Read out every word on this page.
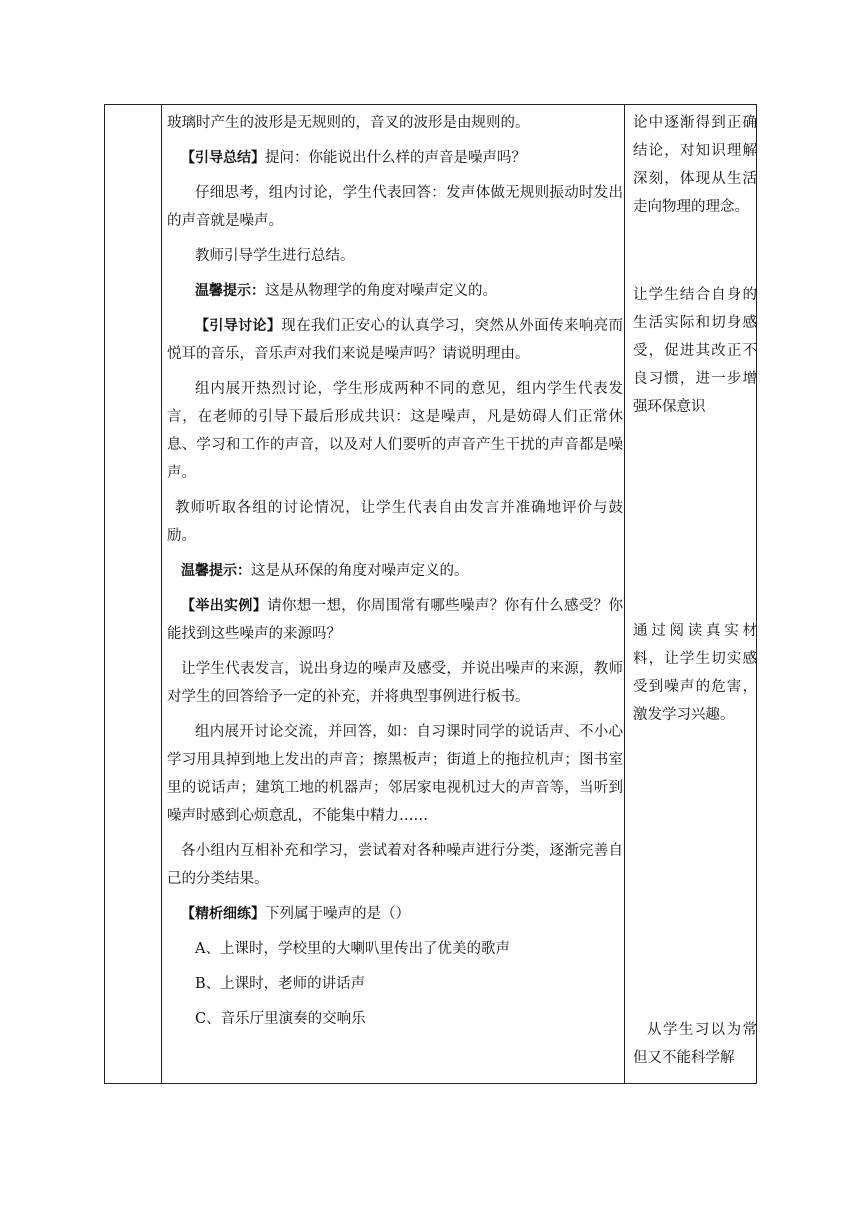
玻璃时产生的波形是无规则的，音叉的波形是由规则的。

【引导总结】提问：你能说出什么样的声音是噪声吗？

仔细思考，组内讨论，学生代表回答：发声体做无规则振动时发出的声音就是噪声。

教师引导学生进行总结。

温馨提示：这是从物理学的角度对噪声定义的。

【引导讨论】现在我们正安心的认真学习，突然从外面传来响亮而悦耳的音乐，音乐声对我们来说是噪声吗？请说明理由。

组内展开热烈讨论，学生形成两种不同的意见，组内学生代表发言，在老师的引导下最后形成共识：这是噪声，凡是妨碍人们正常休息、学习和工作的声音，以及对人们要听的声音产生干扰的声音都是噪声。

教师听取各组的讨论情况，让学生代表自由发言并准确地评价与鼓励。

温馨提示：这是从环保的角度对噪声定义的。

【举出实例】请你想一想，你周围常有哪些噪声？你有什么感受？你能找到这些噪声的来源吗？

让学生代表发言，说出身边的噪声及感受，并说出噪声的来源，教师对学生的回答给予一定的补充，并将典型事例进行板书。

组内展开讨论交流，并回答，如：自习课时同学的说话声、不小心学习用具掉到地上发出的声音；擦黑板声；街道上的拖拉机声；图书室里的说话声；建筑工地的机器声；邻居家电视机过大的声音等，当听到噪声时感到心烦意乱，不能集中精力……

各小组内互相补充和学习，尝试着对各种噪声进行分类，逐渐完善自己的分类结果。

【精析细练】下列属于噪声的是（）

A、上课时，学校里的大喇叭里传出了优美的歌声

B、上课时，老师的讲话声

C、音乐厅里演奏的交响乐

论中逐渐得到正确结论，对知识理解深刻，体现从生活走向物理的理念。
让学生结合自身的生活实际和切身感受，促进其改正不良习惯，进一步增强环保意识
通过阅读真实材料，让学生切实感受到噪声的危害，激发学习兴趣。
从学生习以为常但又不能科学解
